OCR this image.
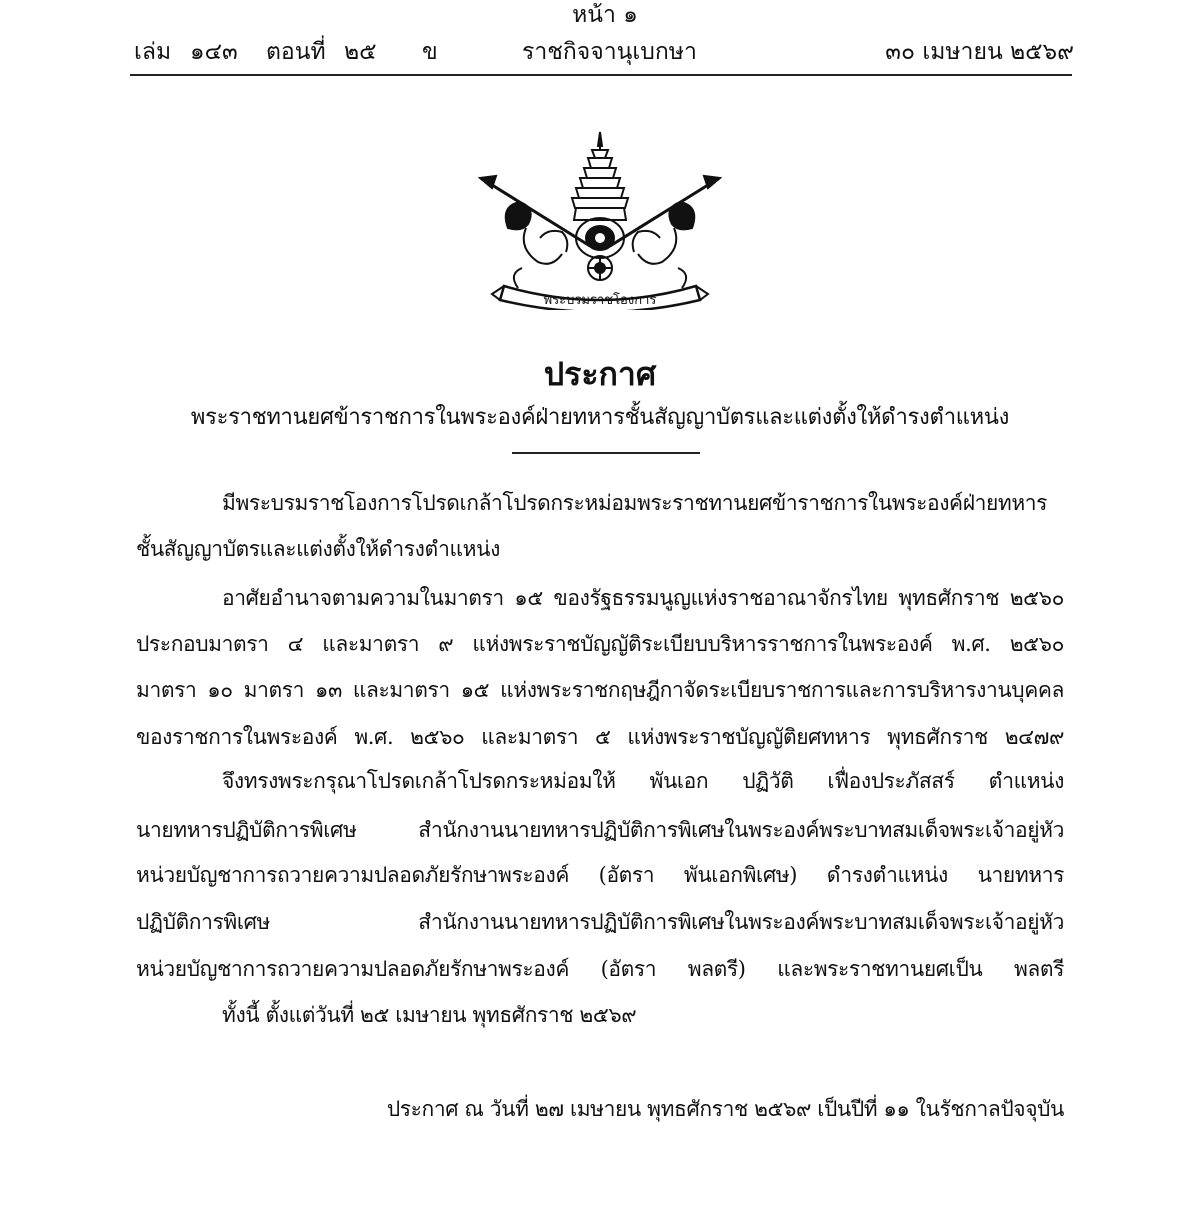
หน้า ๑
เล่ม ๑๔๓ ตอนที่ ๒๕ ข	ราชกิจจานุเบกษา	๓๐ เมษายน ๒๕๖๙
พระบรมราชโองการ
ประกาศ
พระราชทานยศข้าราชการในพระองค์ฝ่ายทหารชั้นสัญญาบัตรและแต่งตั้งให้ดำรงตำแหน่ง
มีพระบรมราชโองการโปรดเกล้าโปรดกระหม่อมพระราชทานยศข้าราชการในพระองค์ฝ่ายทหาร
ชั้นสัญญาบัตรและแต่งตั้งให้ดำรงตำแหน่ง
อาศัยอำนาจตามความในมาตรา ๑๕ ของรัฐธรรมนูญแห่งราชอาณาจักรไทย พุทธศักราช ๒๕๖๐
ประกอบมาตรา ๔ และมาตรา ๙ แห่งพระราชบัญญัติระเบียบบริหารราชการในพระองค์ พ.ศ. ๒๕๖๐
มาตรา ๑๐ มาตรา ๑๓ และมาตรา ๑๕ แห่งพระราชกฤษฎีกาจัดระเบียบราชการและการบริหารงานบุคคล
ของราชการในพระองค์ พ.ศ. ๒๕๖๐ และมาตรา ๕ แห่งพระราชบัญญัติยศทหาร พุทธศักราช ๒๔๗๙
จึงทรงพระกรุณาโปรดเกล้าโปรดกระหม่อมให้ พันเอก ปฏิวัติ เฟื่องประภัสสร์ ตำแหน่ง
นายทหารปฏิบัติการพิเศษ สำนักงานนายทหารปฏิบัติการพิเศษในพระองค์พระบาทสมเด็จพระเจ้าอยู่หัว
หน่วยบัญชาการถวายความปลอดภัยรักษาพระองค์ (อัตรา พันเอกพิเศษ) ดำรงตำแหน่ง นายทหาร
ปฏิบัติการพิเศษ สำนักงานนายทหารปฏิบัติการพิเศษในพระองค์พระบาทสมเด็จพระเจ้าอยู่หัว
หน่วยบัญชาการถวายความปลอดภัยรักษาพระองค์ (อัตรา พลตรี) และพระราชทานยศเป็น พลตรี
ทั้งนี้ ตั้งแต่วันที่ ๒๕ เมษายน พุทธศักราช ๒๕๖๙
ประกาศ ณ วันที่ ๒๗ เมษายน พุทธศักราช ๒๕๖๙ เป็นปีที่ ๑๑ ในรัชกาลปัจจุบัน
